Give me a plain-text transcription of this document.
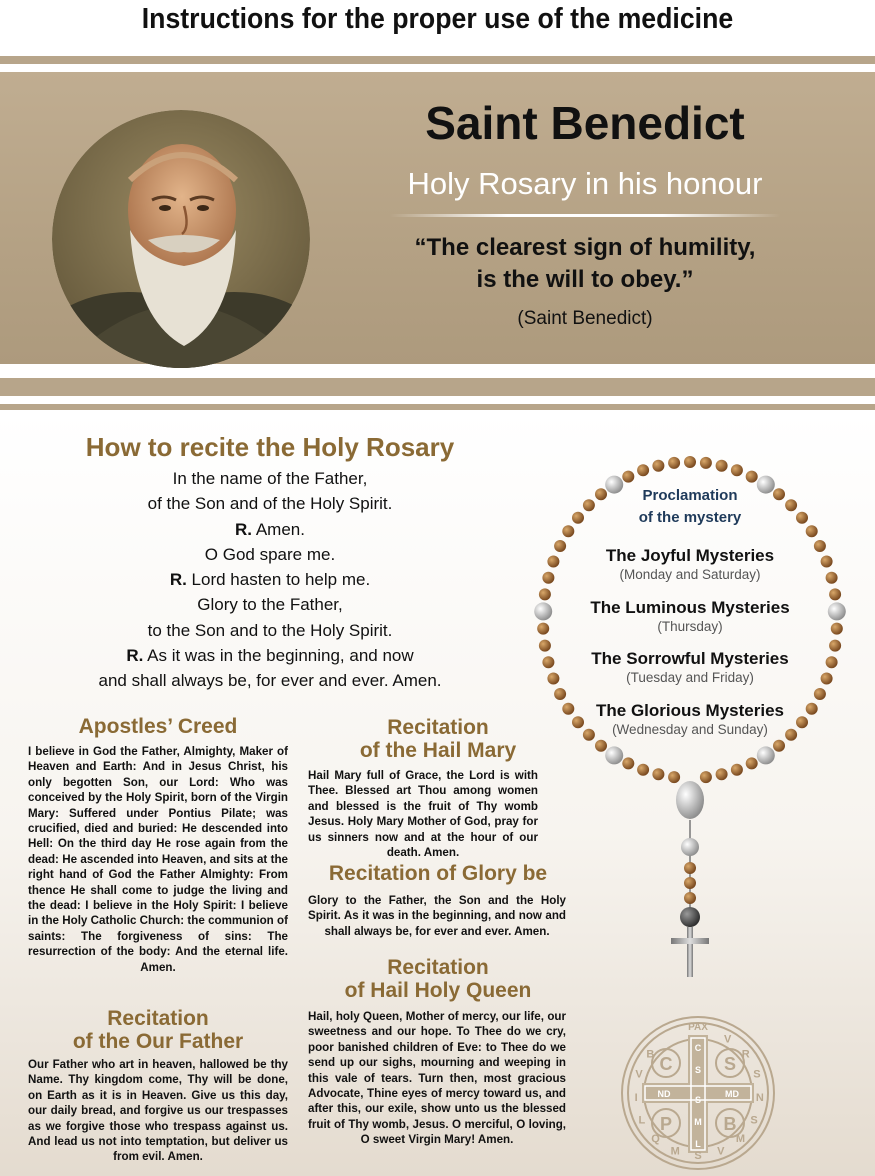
Instructions for the proper use of the medicine
Saint Benedict
Holy Rosary in his honour
“The clearest sign of humility,
is the will to obey.”
(Saint Benedict)
How to recite the Holy Rosary
In the name of the Father,
of the Son and of the Holy Spirit.
R. Amen.
O God spare me.
R. Lord hasten to help me.
Glory to the Father,
to the Son and to the Holy Spirit.
R. As it was in the beginning, and now
and shall always be, for ever and ever. Amen.
Apostles’ Creed
I believe in God the Father, Almighty, Maker of Heaven and Earth: And in Jesus Christ, his only begotten Son, our Lord: Who was conceived by the Holy Spirit, born of the Virgin Mary: Suffered under Pontius Pilate; was crucified, died and buried: He descended into Hell: On the third day He rose again from the dead: He ascended into Heaven, and sits at the right hand of God the Father Almighty: From thence He shall come to judge the living and the dead: I believe in the Holy Spirit: I believe in the Holy Catholic Church: the communion of saints: The forgiveness of sins: The resurrection of the body: And the eternal life. Amen.
Recitation
of the Our Father
Our Father who art in heaven, hallowed be thy Name. Thy kingdom come, Thy will be done, on Earth as it is in Heaven. Give us this day, our daily bread, and forgive us our trespasses as we forgive those who trespass against us. And lead us not into temptation, but deliver us from evil. Amen.
Recitation
of the Hail Mary
Hail Mary full of Grace, the Lord is with Thee. Blessed art Thou among women and blessed is the fruit of Thy womb Jesus. Holy Mary Mother of God, pray for us sinners now and at the hour of our death. Amen.
Recitation of Glory be
Glory to the Father, the Son and the Holy Spirit. As it was in the beginning, and now and shall always be, for ever and ever. Amen.
Recitation
of Hail Holy Queen
Hail, holy Queen, Mother of mercy, our life, our sweetness and our hope. To Thee do we cry, poor banished children of Eve: to Thee do we send up our sighs, mourning and weeping in this vale of tears. Turn then, most gracious Advocate, Thine eyes of mercy toward us, and after this, our exile, show unto us the blessed fruit of Thy womb, Jesus. O merciful, O loving, O sweet Virgin Mary! Amen.
Proclamation
of the mystery
The Joyful Mysteries
(Monday and Saturday)
The Luminous Mysteries
(Thursday)
The Sorrowful Mysteries
(Tuesday and Friday)
The Glorious Mysteries
(Wednesday and Sunday)
C	S
P	B
PAX
ND	MD
C
S
S
M
L
V
R
S
N
S
M
V
S
M
Q
L
I
V
B
